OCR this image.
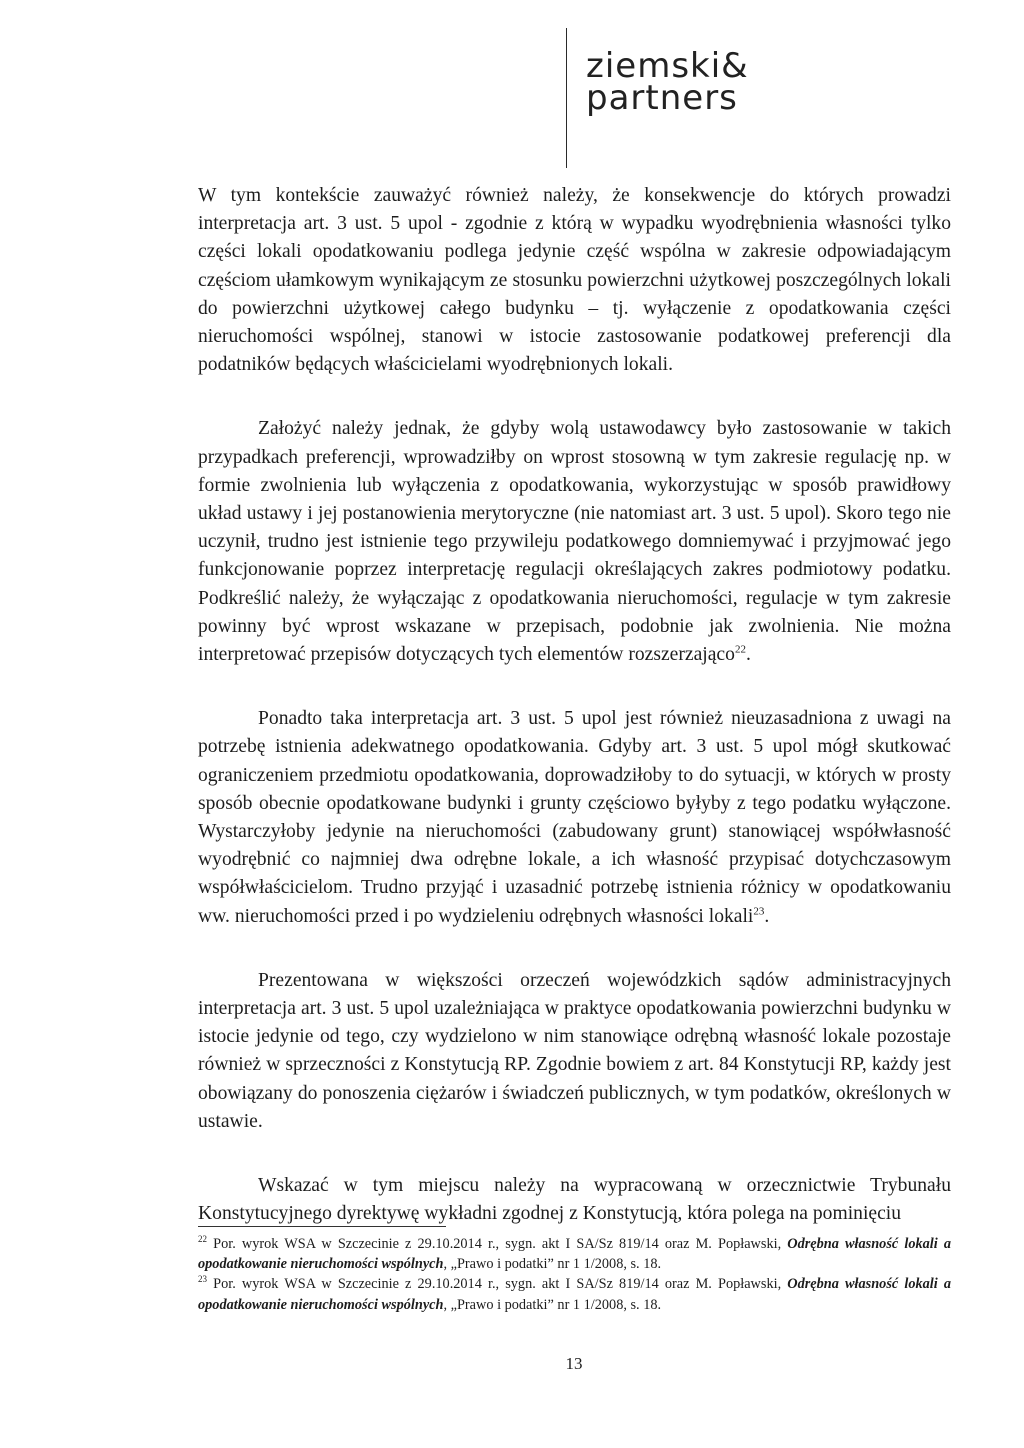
ziemski&
partners

W tym kontekście zauważyć również należy, że konsekwencje do których prowadzi interpretacja art. 3 ust. 5 upol - zgodnie z którą w wypadku wyodrębnienia własności tylko części lokali opodatkowaniu podlega jedynie część wspólna w zakresie odpowiadającym częściom ułamkowym wynikającym ze stosunku powierzchni użytkowej poszczególnych lokali do powierzchni użytkowej całego budynku – tj. wyłączenie z opodatkowania części nieruchomości wspólnej, stanowi w istocie zastosowanie podatkowej preferencji dla podatników będących właścicielami wyodrębnionych lokali.

Założyć należy jednak, że gdyby wolą ustawodawcy było zastosowanie w takich przypadkach preferencji, wprowadziłby on wprost stosowną w tym zakresie regulację np. w formie zwolnienia lub wyłączenia z opodatkowania, wykorzystując w sposób prawidłowy układ ustawy i jej postanowienia merytoryczne (nie natomiast art. 3 ust. 5 upol). Skoro tego nie uczynił, trudno jest istnienie tego przywileju podatkowego domniemywać i przyjmować jego funkcjonowanie poprzez interpretację regulacji określających zakres podmiotowy podatku. Podkreślić należy, że wyłączając z opodatkowania nieruchomości, regulacje w tym zakresie powinny być wprost wskazane w przepisach, podobnie jak zwolnienia. Nie można interpretować przepisów dotyczących tych elementów rozszerzająco$^{22}$.

Ponadto taka interpretacja art. 3 ust. 5 upol jest również nieuzasadniona z uwagi na potrzebę istnienia adekwatnego opodatkowania. Gdyby art. 3 ust. 5 upol mógł skutkować ograniczeniem przedmiotu opodatkowania, doprowadziłoby to do sytuacji, w których w prosty sposób obecnie opodatkowane budynki i grunty częściowo byłyby z tego podatku wyłączone. Wystarczyłoby jedynie na nieruchomości (zabudowany grunt) stanowiącej współwłasność wyodrębnić co najmniej dwa odrębne lokale, a ich własność przypisać dotychczasowym współwłaścicielom. Trudno przyjąć i uzasadnić potrzebę istnienia różnicy w opodatkowaniu ww. nieruchomości przed i po wydzieleniu odrębnych własności lokali$^{23}$.

Prezentowana w większości orzeczeń wojewódzkich sądów administracyjnych interpretacja art. 3 ust. 5 upol uzależniająca w praktyce opodatkowania powierzchni budynku w istocie jedynie od tego, czy wydzielono w nim stanowiące odrębną własność lokale pozostaje również w sprzeczności z Konstytucją RP. Zgodnie bowiem z art. 84 Konstytucji RP, każdy jest obowiązany do ponoszenia ciężarów i świadczeń publicznych, w tym podatków, określonych w ustawie.

Wskazać w tym miejscu należy na wypracowaną w orzecznictwie Trybunału Konstytucyjnego dyrektywę wykładni zgodnej z Konstytucją, która polega na pominięciu

$^{22}$ Por. wyrok WSA w Szczecinie z 29.10.2014 r., sygn. akt I SA/Sz 819/14 oraz M. Popławski, Odrębna własność lokali a opodatkowanie nieruchomości wspólnych, „Prawo i podatki” nr 1 1/2008, s. 18.

$^{23}$ Por. wyrok WSA w Szczecinie z 29.10.2014 r., sygn. akt I SA/Sz 819/14 oraz M. Popławski, Odrębna własność lokali a opodatkowanie nieruchomości wspólnych, „Prawo i podatki” nr 1 1/2008, s. 18.

13
